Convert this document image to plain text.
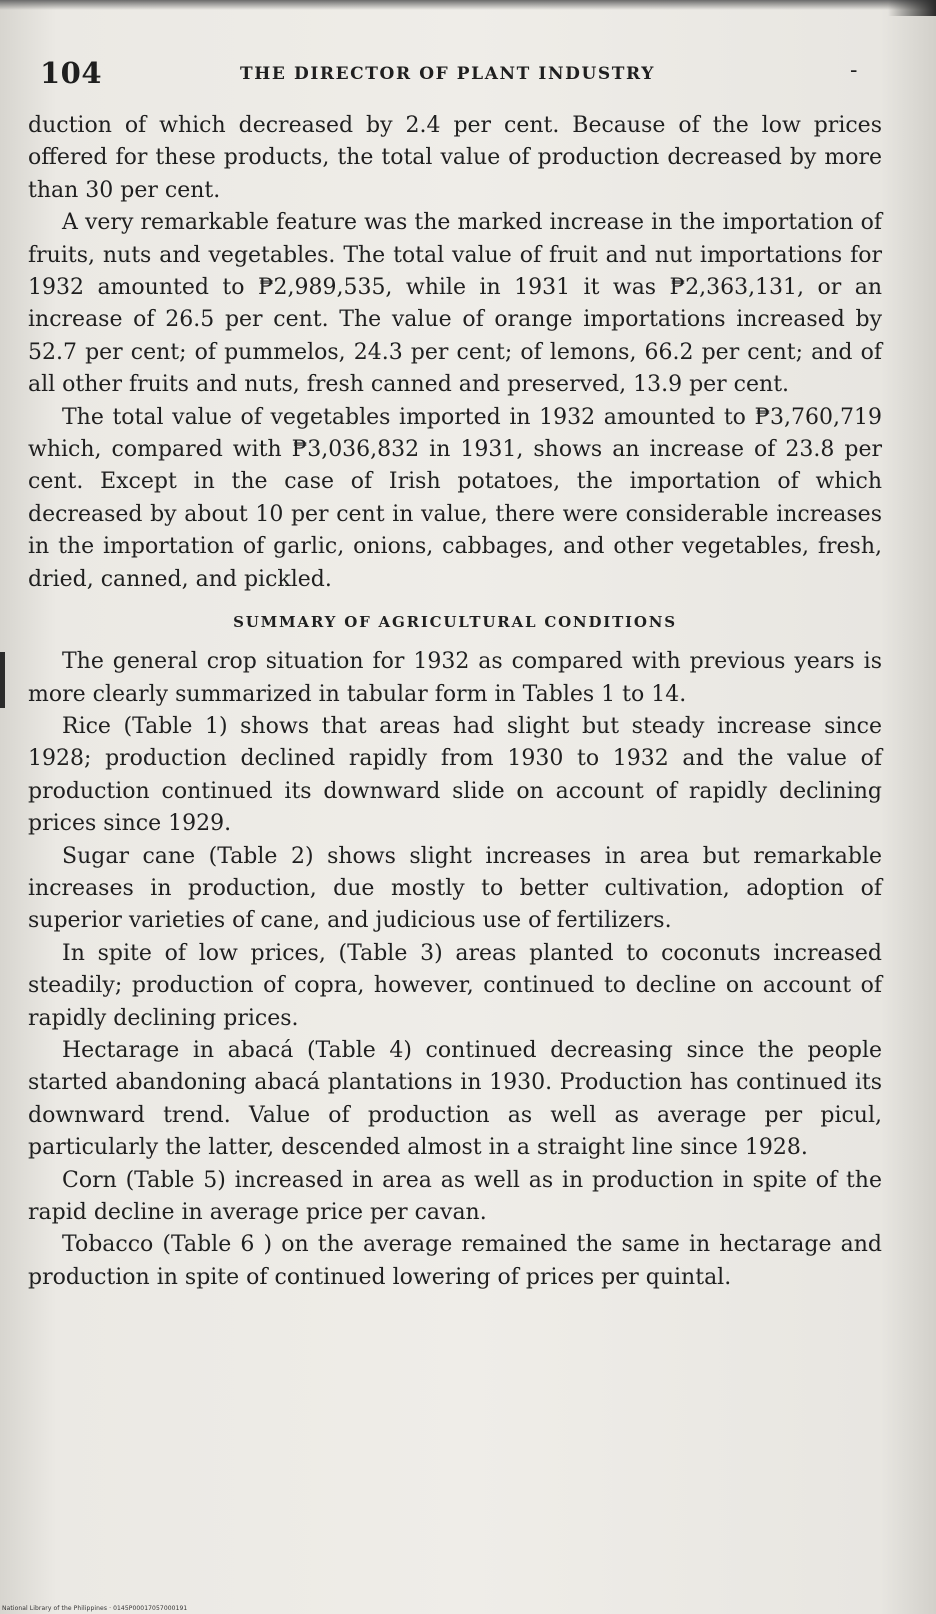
104	THE DIRECTOR OF PLANT INDUSTRY	-

duction of which decreased by 2.4 per cent. Because of the low prices offered for these products, the total value of production decreased by more than 30 per cent.

A very remarkable feature was the marked increase in the importation of fruits, nuts and vegetables. The total value of fruit and nut importations for 1932 amounted to ₱2,989,535, while in 1931 it was ₱2,363,131, or an increase of 26.5 per cent. The value of orange importations increased by 52.7 per cent; of pummelos, 24.3 per cent; of lemons, 66.2 per cent; and of all other fruits and nuts, fresh canned and preserved, 13.9 per cent.

The total value of vegetables imported in 1932 amounted to ₱3,760,719 which, compared with ₱3,036,832 in 1931, shows an increase of 23.8 per cent. Except in the case of Irish potatoes, the importation of which decreased by about 10 per cent in value, there were considerable increases in the importation of garlic, onions, cabbages, and other vegetables, fresh, dried, canned, and pickled.

SUMMARY OF AGRICULTURAL CONDITIONS

The general crop situation for 1932 as compared with previous years is more clearly summarized in tabular form in Tables 1 to 14.

Rice (Table 1) shows that areas had slight but steady increase since 1928; production declined rapidly from 1930 to 1932 and the value of production continued its downward slide on account of rapidly declining prices since 1929.

Sugar cane (Table 2) shows slight increases in area but remarkable increases in production, due mostly to better cultivation, adoption of superior varieties of cane, and judicious use of fertilizers.

In spite of low prices, (Table 3) areas planted to coconuts increased steadily; production of copra, however, continued to decline on account of rapidly declining prices.

Hectarage in abacá (Table 4) continued decreasing since the people started abandoning abacá plantations in 1930. Production has continued its downward trend. Value of production as well as average per picul, particularly the latter, descended almost in a straight line since 1928.

Corn (Table 5) increased in area as well as in production in spite of the rapid decline in average price per cavan.

Tobacco (Table 6 ) on the average remained the same in hectarage and production in spite of continued lowering of prices per quintal.

National Library of the Philippines · 0145P00017057000191
